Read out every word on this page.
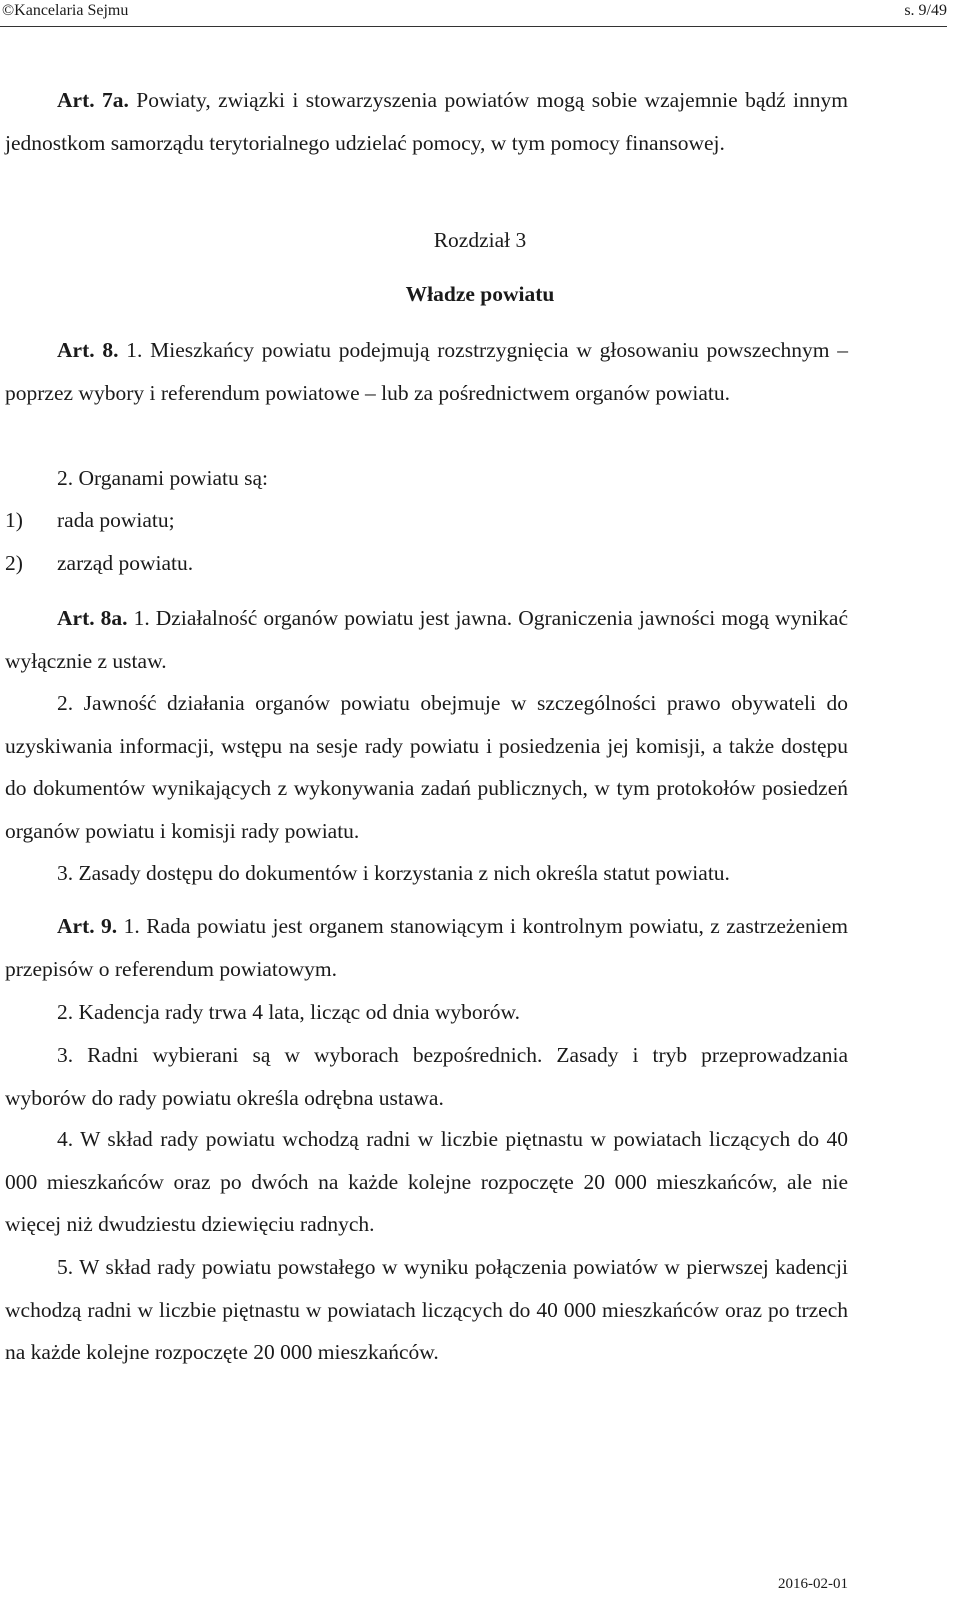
©Kancelaria Sejmu	s. 9/49

Art. 7a. Powiaty, związki i stowarzyszenia powiatów mogą sobie wzajemnie bądź innym jednostkom samorządu terytorialnego udzielać pomocy, w tym pomocy finansowej.

Rozdział 3

Władze powiatu

Art. 8. 1. Mieszkańcy powiatu podejmują rozstrzygnięcia w głosowaniu powszechnym – poprzez wybory i referendum powiatowe – lub za pośrednictwem organów powiatu.

2. Organami powiatu są:

1) rada powiatu;
2) zarząd powiatu.

Art. 8a. 1. Działalność organów powiatu jest jawna. Ograniczenia jawności mogą wynikać wyłącznie z ustaw.

2. Jawność działania organów powiatu obejmuje w szczególności prawo obywateli do uzyskiwania informacji, wstępu na sesje rady powiatu i posiedzenia jej komisji, a także dostępu do dokumentów wynikających z wykonywania zadań publicznych, w tym protokołów posiedzeń organów powiatu i komisji rady powiatu.

3. Zasady dostępu do dokumentów i korzystania z nich określa statut powiatu.

Art. 9. 1. Rada powiatu jest organem stanowiącym i kontrolnym powiatu, z zastrzeżeniem przepisów o referendum powiatowym.

2. Kadencja rady trwa 4 lata, licząc od dnia wyborów.

3. Radni wybierani są w wyborach bezpośrednich. Zasady i tryb przeprowadzania wyborów do rady powiatu określa odrębna ustawa.

4. W skład rady powiatu wchodzą radni w liczbie piętnastu w powiatach liczących do 40 000 mieszkańców oraz po dwóch na każde kolejne rozpoczęte 20 000 mieszkańców, ale nie więcej niż dwudziestu dziewięciu radnych.

5. W skład rady powiatu powstałego w wyniku połączenia powiatów w pierwszej kadencji wchodzą radni w liczbie piętnastu w powiatach liczących do 40 000 mieszkańców oraz po trzech na każde kolejne rozpoczęte 20 000 mieszkańców.

2016-02-01
